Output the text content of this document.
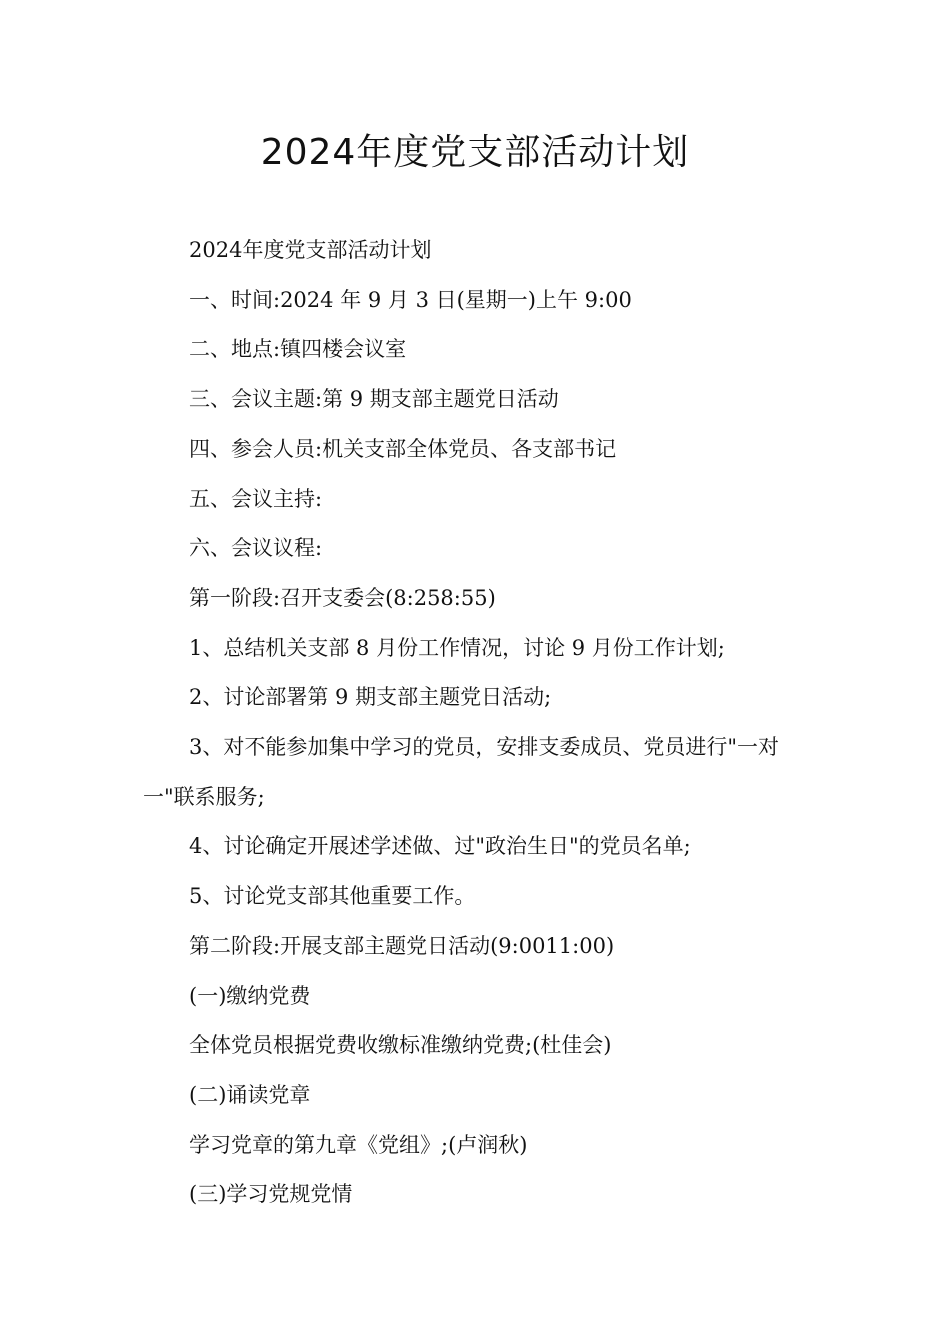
2024年度党支部活动计划

2024年度党支部活动计划

一、时间:2024 年 9 月 3 日(星期一)上午 9:00

二、地点:镇四楼会议室

三、会议主题:第 9 期支部主题党日活动

四、参会人员:机关支部全体党员、各支部书记

五、会议主持:

六、会议议程:

第一阶段:召开支委会(8:258:55)

1、总结机关支部 8 月份工作情况，讨论 9 月份工作计划;

2、讨论部署第 9 期支部主题党日活动;

3、对不能参加集中学习的党员，安排支委成员、党员进行"一对一"联系服务;

4、讨论确定开展述学述做、过"政治生日"的党员名单;

5、讨论党支部其他重要工作。

第二阶段:开展支部主题党日活动(9:0011:00)

(一)缴纳党费

全体党员根据党费收缴标准缴纳党费;(杜佳会)

(二)诵读党章

学习党章的第九章《党组》;(卢润秋)

(三)学习党规党情
